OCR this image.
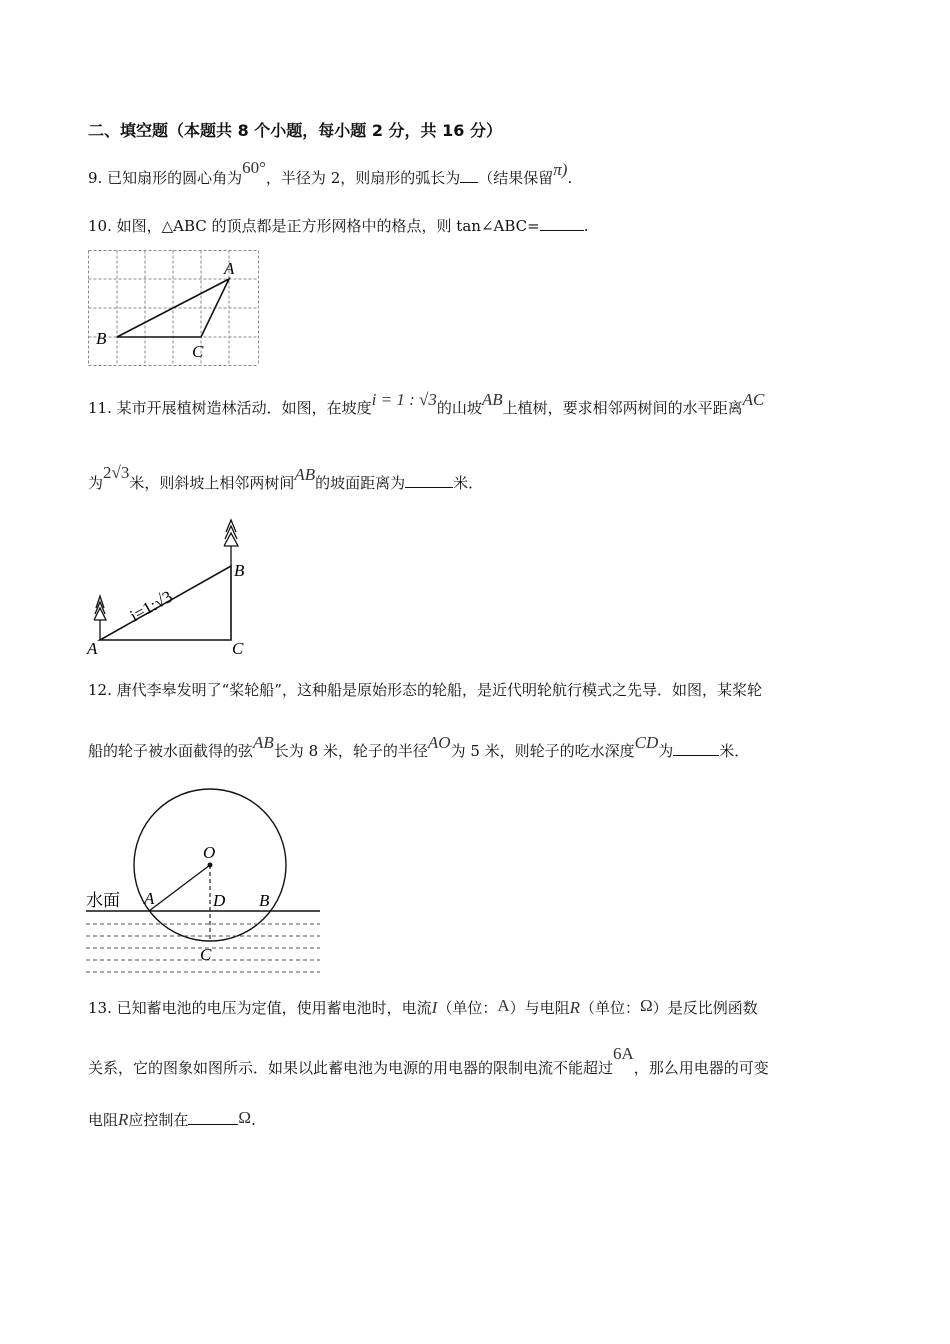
二、填空题（本题共 8 个小题，每小题 2 分，共 16 分）
9. 已知扇形的圆心角为60°，半径为 2，则扇形的弧长为 （结果保留π).
10. 如图，△ABC 的顶点都是正方形网格中的格点，则 tan∠ABC=	.
A
B
C
11. 某市开展植树造林活动．如图，在坡度i = 1 : √3的山坡AB上植树，要求相邻两树间的水平距离AC
为2√3米，则斜坡上相邻两树间AB的坡面距离为	米．
i=1:√3
A
B
C
12. 唐代李皋发明了“桨轮船”，这种船是原始形态的轮船，是近代明轮航行模式之先导．如图，某桨轮
船的轮子被水面截得的弦AB长为 8 米，轮子的半径AO为 5 米，则轮子的吃水深度CD为	米．
水面
O
A	D B
C
13. 已知蓄电池的电压为定值，使用蓄电池时，电流I（单位：A）与电阻R（单位：Ω）是反比例函数
关系，它的图象如图所示．如果以此蓄电池为电源的用电器的限制电流不能超过6A，那么用电器的可变
电阻R应控制在	Ω.
